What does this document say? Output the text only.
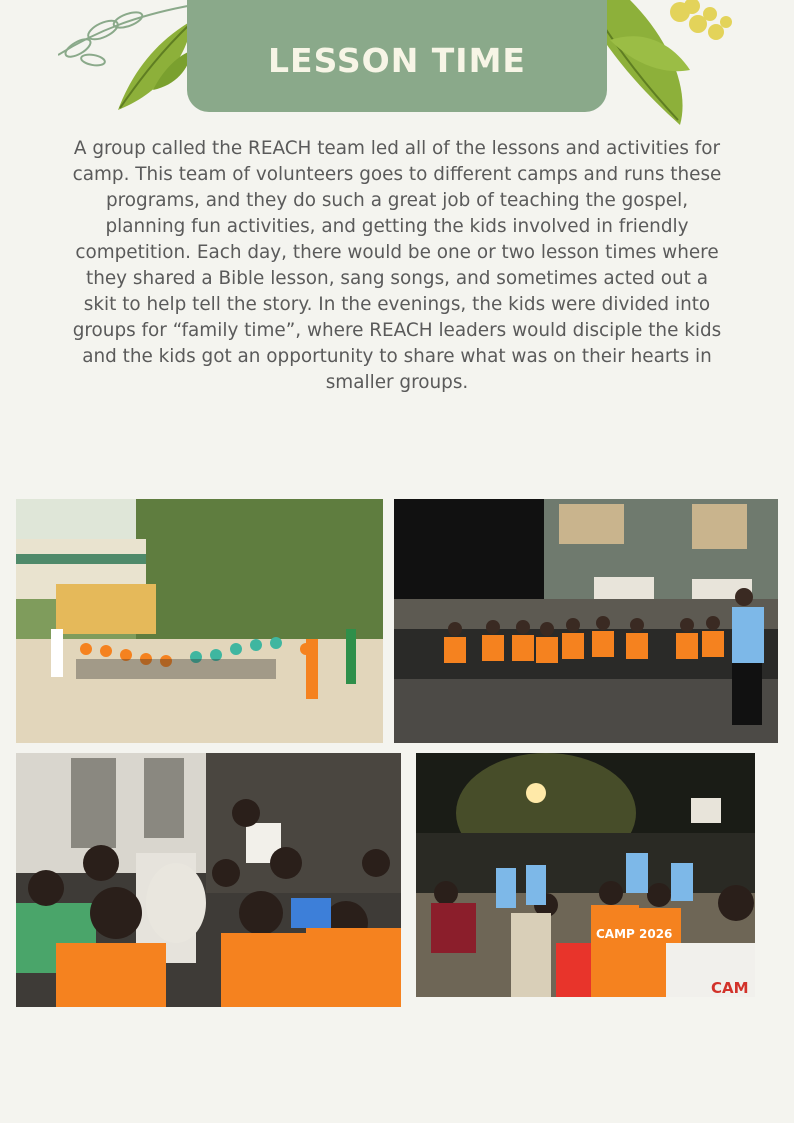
LESSON TIME

A group called the REACH team led all of the lessons and activities for camp. This team of volunteers goes to different camps and runs these programs, and they do such a great job of teaching the gospel, planning fun activities, and getting the kids involved in friendly competition. Each day, there would be one or two lesson times where they shared a Bible lesson, sang songs, and sometimes acted out a skit to help tell the story. In the evenings, the kids were divided into groups for “family time”, where REACH leaders would disciple the kids and the kids got an opportunity to share what was on their hearts in smaller groups.

CAMP 2026
CAM
